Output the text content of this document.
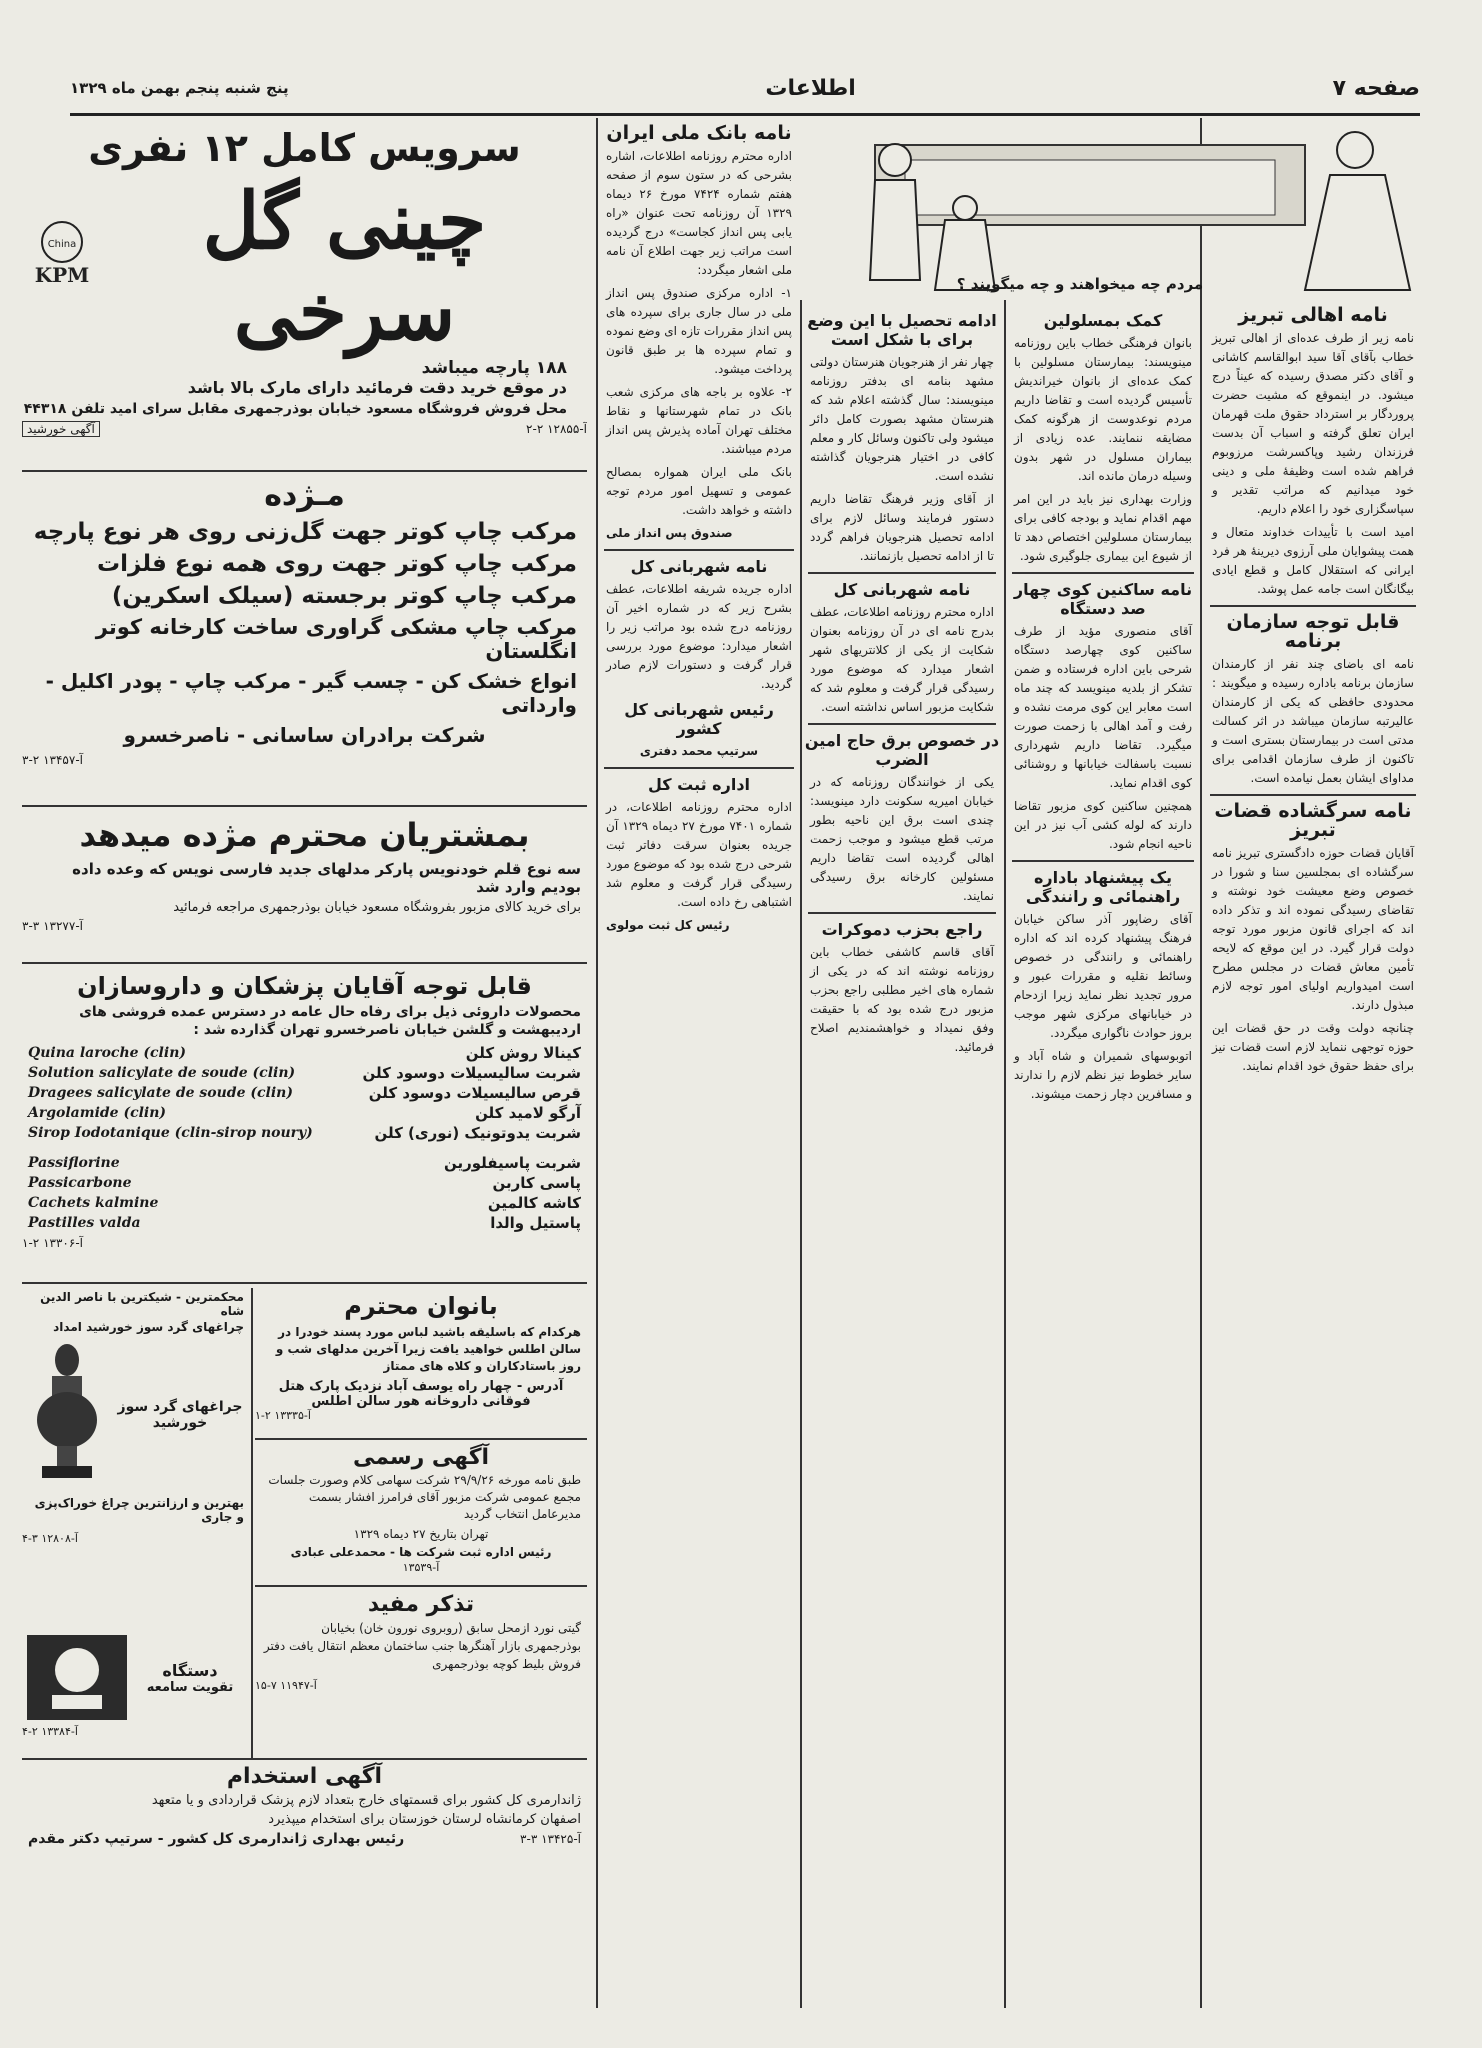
صفحه ۷
اطلاعات
پنج شنبه پنجم بهمن ماه ۱۳۲۹
مردم چه میخواهند و چه میگویند ؟
نامه اهالی تبریز

نامه زیر از طرف عده‌ای از اهالی تبریز خطاب بآقای آقا سید ابوالقاسم کاشانی و آقای دکتر مصدق رسیده که عیناً درج میشود. در اینموقع که مشیت حضرت پروردگار بر استرداد حقوق ملت قهرمان ایران تعلق گرفته و اسباب آن بدست فرزندان رشید وپاکسرشت مرزوبوم فراهم شده است وظیفهٔ ملی و دینی خود میدانیم که مراتب تقدیر و سپاسگزاری خود را اعلام داریم.

امید است با تأییدات خداوند متعال و همت پیشوایان ملی آرزوی دیرینهٔ هر فرد ایرانی که استقلال کامل و قطع ایادی بیگانگان است جامه عمل پوشد.

قابل توجه سازمان برنامه

نامه ای باضای چند نفر از کارمندان سازمان برنامه باداره رسیده و میگویند : محدودی حافظی که یکی از کارمندان عالیرتبه سازمان میباشد در اثر کسالت مدتی است در بیمارستان بستری است و تاکنون از طرف سازمان اقدامی برای مداوای ایشان بعمل نیامده است.

نامه سرگشاده قضات تبریز

آقایان قضات حوزه دادگستری تبریز نامه سرگشاده ای بمجلسین سنا و شورا در خصوص وضع معیشت خود نوشته و تقاضای رسیدگی نموده اند و تذکر داده اند که اجرای قانون مزبور مورد توجه دولت قرار گیرد. در این موقع که لایحه تأمین معاش قضات در مجلس مطرح است امیدواریم اولیای امور توجه لازم مبذول دارند.

چنانچه دولت وقت در حق قضات این حوزه توجهی ننماید لازم است قضات نیز برای حفظ حقوق خود اقدام نمایند.

کمک بمسلولین

بانوان فرهنگی خطاب باین روزنامه مینویسند: بیمارستان مسلولین با کمک عده‌ای از بانوان خیراندیش تأسیس گردیده است و تقاضا داریم مردم نوعدوست از هرگونه کمک مضایقه ننمایند. عده زیادی از بیماران مسلول در شهر بدون وسیله درمان مانده اند.

وزارت بهداری نیز باید در این امر مهم اقدام نماید و بودجه کافی برای بیمارستان مسلولین اختصاص دهد تا از شیوع این بیماری جلوگیری شود.

نامه ساکنین کوی چهار صد دستگاه

آقای منصوری مؤید از طرف ساکنین کوی چهارصد دستگاه شرحی باین اداره فرستاده و ضمن تشکر از بلدیه مینویسد که چند ماه است معابر این کوی مرمت نشده و رفت و آمد اهالی با زحمت صورت میگیرد. تقاضا داریم شهرداری نسبت باسفالت خیابانها و روشنائی کوی اقدام نماید.

همچنین ساکنین کوی مزبور تقاضا دارند که لوله کشی آب نیز در این ناحیه انجام شود.

یک پیشنهاد باداره راهنمائی و رانندگی

آقای رضاپور آذر ساکن خیابان فرهنگ پیشنهاد کرده اند که اداره راهنمائی و رانندگی در خصوص وسائط نقلیه و مقررات عبور و مرور تجدید نظر نماید زیرا ازدحام در خیابانهای مرکزی شهر موجب بروز حوادث ناگواری میگردد.

اتوبوسهای شمیران و شاه آباد و سایر خطوط نیز نظم لازم را ندارند و مسافرین دچار زحمت میشوند.

ادامه تحصیل با این وضع برای با شکل است

چهار نفر از هنرجویان هنرستان دولتی مشهد بنامه ای بدفتر روزنامه مینویسند: سال گذشته اعلام شد که هنرستان مشهد بصورت کامل دائر میشود ولی تاکنون وسائل کار و معلم کافی در اختیار هنرجویان گذاشته نشده است.

از آقای وزیر فرهنگ تقاضا داریم دستور فرمایند وسائل لازم برای ادامه تحصیل هنرجویان فراهم گردد تا از ادامه تحصیل بازنمانند.

نامه شهربانی کل

اداره محترم روزنامه اطلاعات، عطف بدرج نامه ای در آن روزنامه بعنوان شکایت از یکی از کلانتریهای شهر اشعار میدارد که موضوع مورد رسیدگی قرار گرفت و معلوم شد که شکایت مزبور اساس نداشته است.

در خصوص برق حاج امین الضرب

یکی از خوانندگان روزنامه که در خیابان امیریه سکونت دارد مینویسد: چندی است برق این ناحیه بطور مرتب قطع میشود و موجب زحمت اهالی گردیده است تقاضا داریم مسئولین کارخانه برق رسیدگی نمایند.

راجع بحزب دموکرات

آقای قاسم کاشفی خطاب باین روزنامه نوشته اند که در یکی از شماره های اخیر مطلبی راجع بحزب مزبور درج شده بود که با حقیقت وفق نمیداد و خواهشمندیم اصلاح فرمائید.

نامه بانک ملی ایران

اداره محترم روزنامه اطلاعات، اشاره بشرحی که در ستون سوم از صفحه هفتم شماره ۷۴۲۴ مورخ ۲۶ دیماه ۱۳۲۹ آن روزنامه تحت عنوان «راه یابی پس انداز کجاست» درج گردیده است مراتب زیر جهت اطلاع آن نامه ملی اشعار میگردد:

۱- اداره مرکزی صندوق پس انداز ملی در سال جاری برای سپرده های پس انداز مقررات تازه ای وضع نموده و تمام سپرده ها بر طبق قانون پرداخت میشود.

۲- علاوه بر باجه های مرکزی شعب بانک در تمام شهرستانها و نقاط مختلف تهران آماده پذیرش پس انداز مردم میباشند.

بانک ملی ایران همواره بمصالح عمومی و تسهیل امور مردم توجه داشته و خواهد داشت.

صندوق پس انداز ملی

نامه شهربانی کل

اداره جریده شریفه اطلاعات، عطف بشرح زیر که در شماره اخیر آن روزنامه درج شده بود مراتب زیر را اشعار میدارد: موضوع مورد بررسی قرار گرفت و دستورات لازم صادر گردید.

رئیس شهربانی کل کشور

سرتیپ محمد دفتری

اداره ثبت کل

اداره محترم روزنامه اطلاعات، در شماره ۷۴۰۱ مورخ ۲۷ دیماه ۱۳۲۹ آن جریده بعنوان سرقت دفاتر ثبت شرحی درج شده بود که موضوع مورد رسیدگی قرار گرفت و معلوم شد اشتباهی رخ داده است.

رئیس کل ثبت مولوی

سرویس کامل ۱۲ نفری
چینی گل سرخی
China
KPM
۱۸۸ پارچه میباشد
در موقع خرید دقت فرمائید دارای مارک بالا باشد
محل فروش فروشگاه مسعود خیابان بوذرجمهری مقابل سرای امید تلفن ۴۴۳۱۸
آ-۱۲۸۵۵ ۲-۲
آگهی خورشید
مـژده
مرکب چاپ کوتر جهت گل‌زنی روی هر نوع پارچه
مرکب چاپ کوتر جهت روی همه نوع فلزات
مرکب چاپ کوتر برجسته (سیلک اسکرین)
مرکب چاپ مشکی گراوری ساخت کارخانه کوتر انگلستان
انواع خشک کن - چسب گیر - مرکب چاپ - پودر اکلیل - وارداتی
شرکت برادران ساسانی - ناصرخسرو
آ-۱۳۴۵۷ ۲-۳
بمشتریان محترم مژده میدهد
سه نوع قلم خودنویس پارکر مدلهای جدید فارسی نویس که وعده داده بودیم وارد شد
برای خرید کالای مزبور بفروشگاه مسعود خیابان بوذرجمهری مراجعه فرمائید
آ-۱۳۲۷۷ ۳-۳
قابل توجه آقایان پزشکان و داروسازان
محصولات داروئی ذیل برای رفاه حال عامه در دسترس عمده فروشی های
اردیبهشت و گلشن خیابان ناصرخسرو تهران گذارده شد :
کینالا روش کلن
Quina laroche (clin)
شربت سالیسیلات دوسود کلن
Solution salicylate de soude (clin)
قرص سالیسیلات دوسود کلن
Dragees salicylate de soude (clin)
آرگو لامید کلن
Argolamide (clin)
شربت یدوتونیک (نوری) کلن
Sirop Iodotanique (clin-sirop noury)
شربت پاسیفلورین
Passiflorine
پاسی کاربن
Passicarbone
کاشه کالمین
Cachets kalmine
پاستیل والدا
Pastilles valda
آ-۱۳۳۰۶ ۲-۱
بانوان محترم
هرکدام که باسلیقه باشید لباس مورد پسند خودرا در سالن اطلس خواهید یافت زیرا آخرین مدلهای شب و روز باستادکاران و کلاه های ممتاز
آدرس - چهار راه یوسف آباد نزدیک پارک هتل
فوقانی داروخانه هور سالن اطلس
آ-۱۳۳۳۵ ۲-۱
محکمترین - شیکترین با ناصر الدین شاه
چراغهای گرد سوز خورشید امداد
جراغهای گرد سوز خورشید
بهترین و ارزانترین چراغ خوراک‌پزی و جاری
آ-۱۲۸۰۸ ۳-۴
آگهی رسمی
طبق نامه مورخه ۲۹/۹/۲۶ شرکت سهامی کلام وصورت جلسات مجمع عمومی شرکت مزبور آقای فرامرز افشار بسمت مدیرعامل انتخاب گردید
تهران بتاریخ ۲۷ دیماه ۱۳۲۹
رئیس اداره ثبت شرکت ها - محمدعلی عبادی
آ-۱۳۵۳۹
تذکر مفید
گیتی نورد ازمحل سابق (روبروی نورون خان) بخیابان بوذرجمهری بازار آهنگرها جنب ساختمان معظم انتقال یافت دفتر فروش بلیط کوچه بوذرجمهری
آ-۱۱۹۴۷ ۷-۱۵
دستگاه
تقویت سامعه
آ-۱۳۳۸۴ ۲-۴
آگهی استخدام
ژاندارمری کل کشور برای قسمتهای خارج بتعداد لازم پزشک قراردادی و یا متعهد
اصفهان کرمانشاه لرستان خوزستان برای استخدام میپذیرد
آ-۱۳۴۲۵ ۳-۳
رئیس بهداری ژاندارمری کل کشور - سرتیپ دکتر مقدم
